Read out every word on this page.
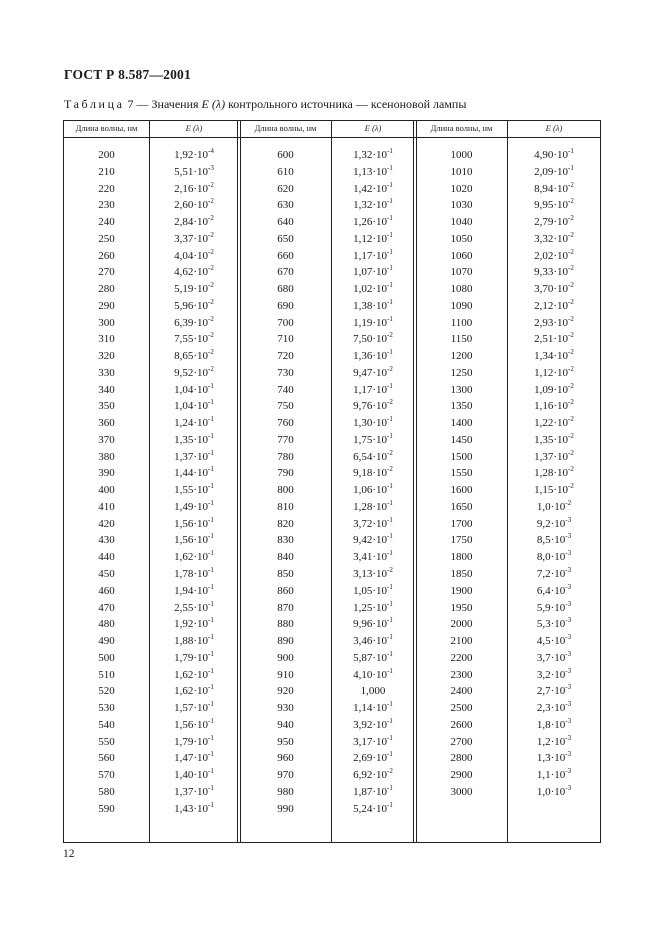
ГОСТ Р 8.587—2001
Таблица 7 — Значения E (λ) контрольного источника — ксеноновой лампы
Длина волны, нм	E (λ)	Длина волны, нм	E (λ)	Длина волны, нм	E (λ)
200	$1,92\cdot 10^{-4}$	600	$1,32\cdot 10^{-1}$	1000	$4,90\cdot 10^{-1}$
210	$5,51\cdot 10^{-3}$	610	$1,13\cdot 10^{-1}$	1010	$2,09\cdot 10^{-1}$
220	$2,16\cdot 10^{-2}$	620	$1,42\cdot 10^{-1}$	1020	$8,94\cdot 10^{-2}$
230	$2,60\cdot 10^{-2}$	630	$1,32\cdot 10^{-1}$	1030	$9,95\cdot 10^{-2}$
240	$2,84\cdot 10^{-2}$	640	$1,26\cdot 10^{-1}$	1040	$2,79\cdot 10^{-2}$
250	$3,37\cdot 10^{-2}$	650	$1,12\cdot 10^{-1}$	1050	$3,32\cdot 10^{-2}$
260	$4,04\cdot 10^{-2}$	660	$1,17\cdot 10^{-1}$	1060	$2,02\cdot 10^{-2}$
270	$4,62\cdot 10^{-2}$	670	$1,07\cdot 10^{-1}$	1070	$9,33\cdot 10^{-2}$
280	$5,19\cdot 10^{-2}$	680	$1,02\cdot 10^{-1}$	1080	$3,70\cdot 10^{-2}$
290	$5,96\cdot 10^{-2}$	690	$1,38\cdot 10^{-1}$	1090	$2,12\cdot 10^{-2}$
300	$6,39\cdot 10^{-2}$	700	$1,19\cdot 10^{-1}$	1100	$2,93\cdot 10^{-2}$
310	$7,55\cdot 10^{-2}$	710	$7,50\cdot 10^{-2}$	1150	$2,51\cdot 10^{-2}$
320	$8,65\cdot 10^{-2}$	720	$1,36\cdot 10^{-1}$	1200	$1,34\cdot 10^{-2}$
330	$9,52\cdot 10^{-2}$	730	$9,47\cdot 10^{-2}$	1250	$1,12\cdot 10^{-2}$
340	$1,04\cdot 10^{-1}$	740	$1,17\cdot 10^{-1}$	1300	$1,09\cdot 10^{-2}$
350	$1,04\cdot 10^{-1}$	750	$9,76\cdot 10^{-2}$	1350	$1,16\cdot 10^{-2}$
360	$1,24\cdot 10^{-1}$	760	$1,30\cdot 10^{-1}$	1400	$1,22\cdot 10^{-2}$
370	$1,35\cdot 10^{-1}$	770	$1,75\cdot 10^{-1}$	1450	$1,35\cdot 10^{-2}$
380	$1,37\cdot 10^{-1}$	780	$6,54\cdot 10^{-2}$	1500	$1,37\cdot 10^{-2}$
390	$1,44\cdot 10^{-1}$	790	$9,18\cdot 10^{-2}$	1550	$1,28\cdot 10^{-2}$
400	$1,55\cdot 10^{-1}$	800	$1,06\cdot 10^{-1}$	1600	$1,15\cdot 10^{-2}$
410	$1,49\cdot 10^{-1}$	810	$1,28\cdot 10^{-1}$	1650	$1,0\cdot 10^{-2}$
420	$1,56\cdot 10^{-1}$	820	$3,72\cdot 10^{-1}$	1700	$9,2\cdot 10^{-3}$
430	$1,56\cdot 10^{-1}$	830	$9,42\cdot 10^{-1}$	1750	$8,5\cdot 10^{-3}$
440	$1,62\cdot 10^{-1}$	840	$3,41\cdot 10^{-1}$	1800	$8,0\cdot 10^{-3}$
450	$1,78\cdot 10^{-1}$	850	$3,13\cdot 10^{-2}$	1850	$7,2\cdot 10^{-3}$
460	$1,94\cdot 10^{-1}$	860	$1,05\cdot 10^{-1}$	1900	$6,4\cdot 10^{-3}$
470	$2,55\cdot 10^{-1}$	870	$1,25\cdot 10^{-1}$	1950	$5,9\cdot 10^{-3}$
480	$1,92\cdot 10^{-1}$	880	$9,96\cdot 10^{-1}$	2000	$5,3\cdot 10^{-3}$
490	$1,88\cdot 10^{-1}$	890	$3,46\cdot 10^{-1}$	2100	$4,5\cdot 10^{-3}$
500	$1,79\cdot 10^{-1}$	900	$5,87\cdot 10^{-1}$	2200	$3,7\cdot 10^{-3}$
510	$1,62\cdot 10^{-1}$	910	$4,10\cdot 10^{-1}$	2300	$3,2\cdot 10^{-3}$
520	$1,62\cdot 10^{-1}$	920	1,000	2400	$2,7\cdot 10^{-3}$
530	$1,57\cdot 10^{-1}$	930	$1,14\cdot 10^{-1}$	2500	$2,3\cdot 10^{-3}$
540	$1,56\cdot 10^{-1}$	940	$3,92\cdot 10^{-1}$	2600	$1,8\cdot 10^{-3}$
550	$1,79\cdot 10^{-1}$	950	$3,17\cdot 10^{-1}$	2700	$1,2\cdot 10^{-3}$
560	$1,47\cdot 10^{-1}$	960	$2,69\cdot 10^{-1}$	2800	$1,3\cdot 10^{-3}$
570	$1,40\cdot 10^{-1}$	970	$6,92\cdot 10^{-2}$	2900	$1,1\cdot 10^{-3}$
580	$1,37\cdot 10^{-1}$	980	$1,87\cdot 10^{-1}$	3000	$1,0\cdot 10^{-3}$
590	$1,43\cdot 10^{-1}$	990	$5,24\cdot 10^{-1}$
12
